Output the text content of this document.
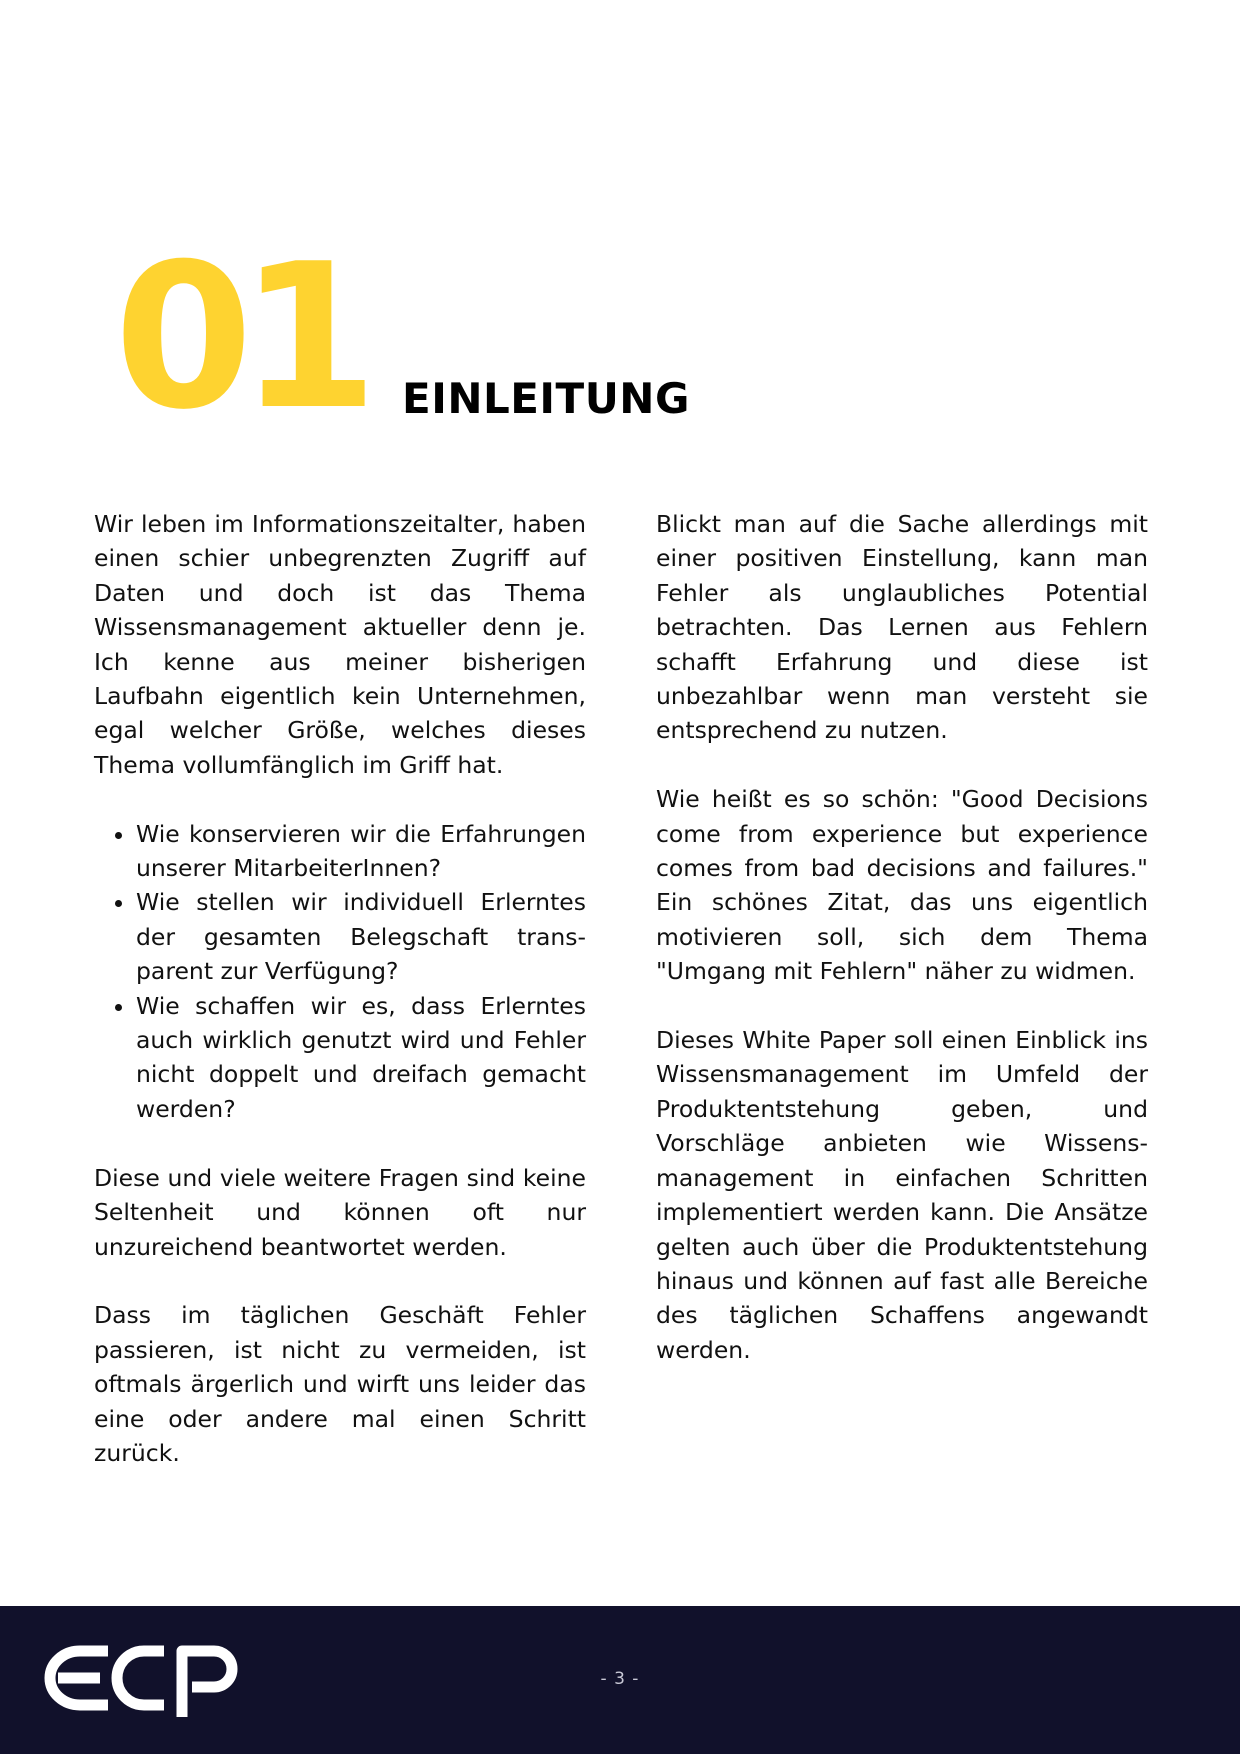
01 EINLEITUNG

Wir leben im Informationszeitalter, haben einen schier unbegrenzten Zugriff auf Daten und doch ist das Thema Wissensmanagement aktueller denn je. Ich kenne aus meiner bisherigen Laufbahn eigentlich kein Unternehmen, egal welcher Größe, welches dieses Thema vollumfänglich im Griff hat.

• Wie konservieren wir die Erfahrungen unserer MitarbeiterInnen?
• Wie stellen wir individuell Erlerntes der gesamten Belegschaft transparent zur Verfügung?
• Wie schaffen wir es, dass Erlerntes auch wirklich genutzt wird und Fehler nicht doppelt und dreifach gemacht werden?

Diese und viele weitere Fragen sind keine Seltenheit und können oft nur unzureichend beantwortet werden.

Dass im täglichen Geschäft Fehler passieren, ist nicht zu vermeiden, ist oftmals ärgerlich und wirft uns leider das eine oder andere mal einen Schritt zurück.

Blickt man auf die Sache allerdings mit einer positiven Einstellung, kann man Fehler als unglaubliches Potential betrachten. Das Lernen aus Fehlern schafft Erfahrung und diese ist unbezahlbar wenn man versteht sie entsprechend zu nutzen.

Wie heißt es so schön: "Good Decisions come from experience but experience comes from bad decisions and failures." Ein schönes Zitat, das uns eigentlich motivieren soll, sich dem Thema "Umgang mit Fehlern" näher zu widmen.

Dieses White Paper soll einen Einblick ins Wissensmanagement im Umfeld der Produktentstehung geben, und Vorschläge anbieten wie Wissensmanagement in einfachen Schritten implementiert werden kann. Die Ansätze gelten auch über die Produktentstehung hinaus und können auf fast alle Bereiche des täglichen Schaffens angewandt werden.

- 3 -
